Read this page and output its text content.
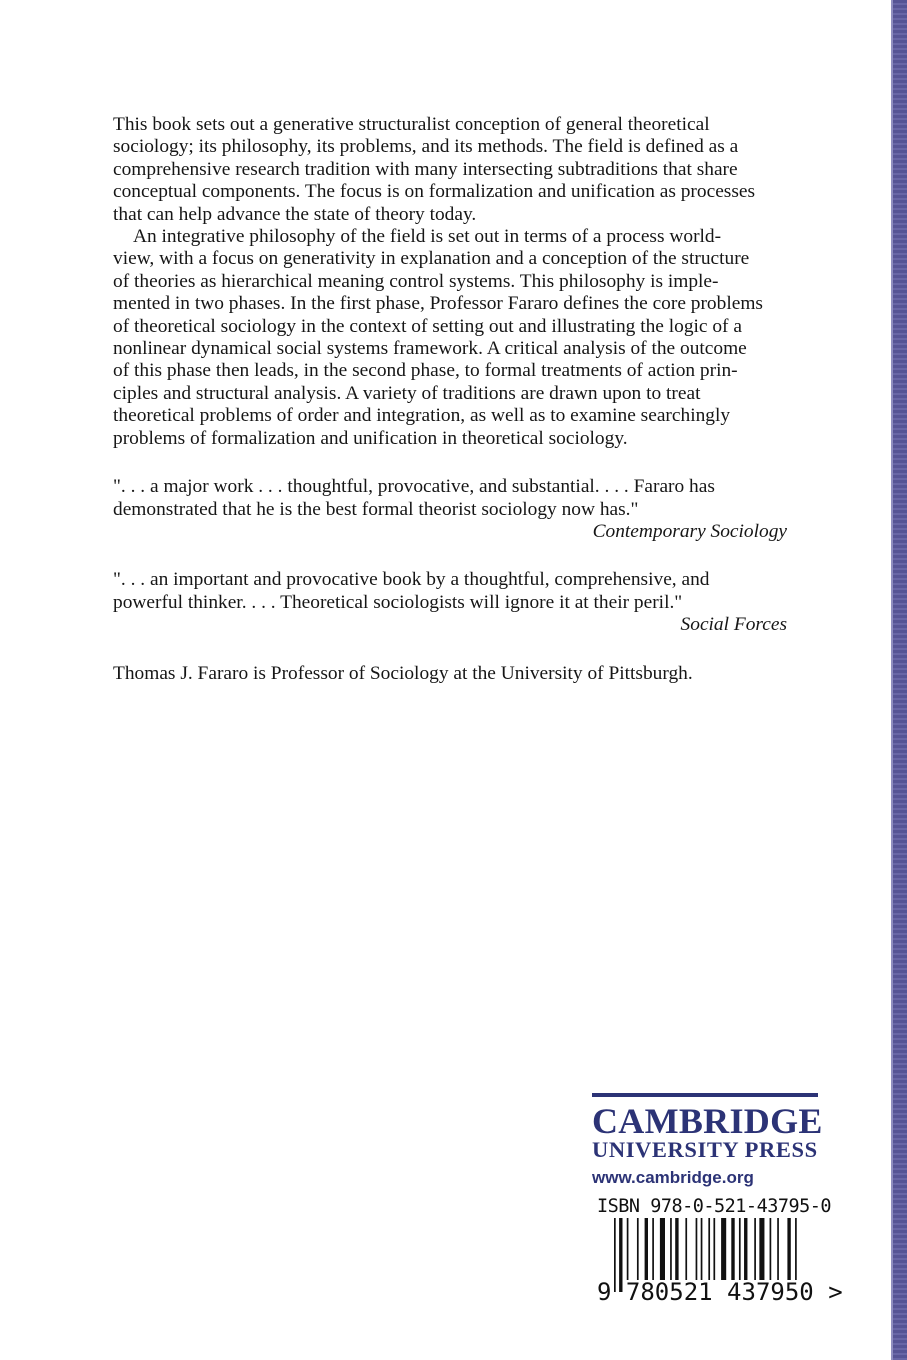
This book sets out a generative structuralist conception of general theoretical
sociology; its philosophy, its problems, and its methods. The field is defined as a
comprehensive research tradition with many intersecting subtraditions that share
conceptual components. The focus is on formalization and unification as processes
that can help advance the state of theory today.
An integrative philosophy of the field is set out in terms of a process world-
view, with a focus on generativity in explanation and a conception of the structure
of theories as hierarchical meaning control systems. This philosophy is imple-
mented in two phases. In the first phase, Professor Fararo defines the core problems
of theoretical sociology in the context of setting out and illustrating the logic of a
nonlinear dynamical social systems framework. A critical analysis of the outcome
of this phase then leads, in the second phase, to formal treatments of action prin-
ciples and structural analysis. A variety of traditions are drawn upon to treat
theoretical problems of order and integration, as well as to examine searchingly
problems of formalization and unification in theoretical sociology.
". . . a major work . . . thoughtful, provocative, and substantial. . . . Fararo has
demonstrated that he is the best formal theorist sociology now has."
Contemporary Sociology
". . . an important and provocative book by a thoughtful, comprehensive, and
powerful thinker. . . . Theoretical sociologists will ignore it at their peril."
Social Forces
Thomas J. Fararo is Professor of Sociology at the University of Pittsburgh.
CAMBRIDGE
UNIVERSITY PRESS
www.cambridge.org
ISBN 978-0-521-43795-0
9 780521 437950 >
